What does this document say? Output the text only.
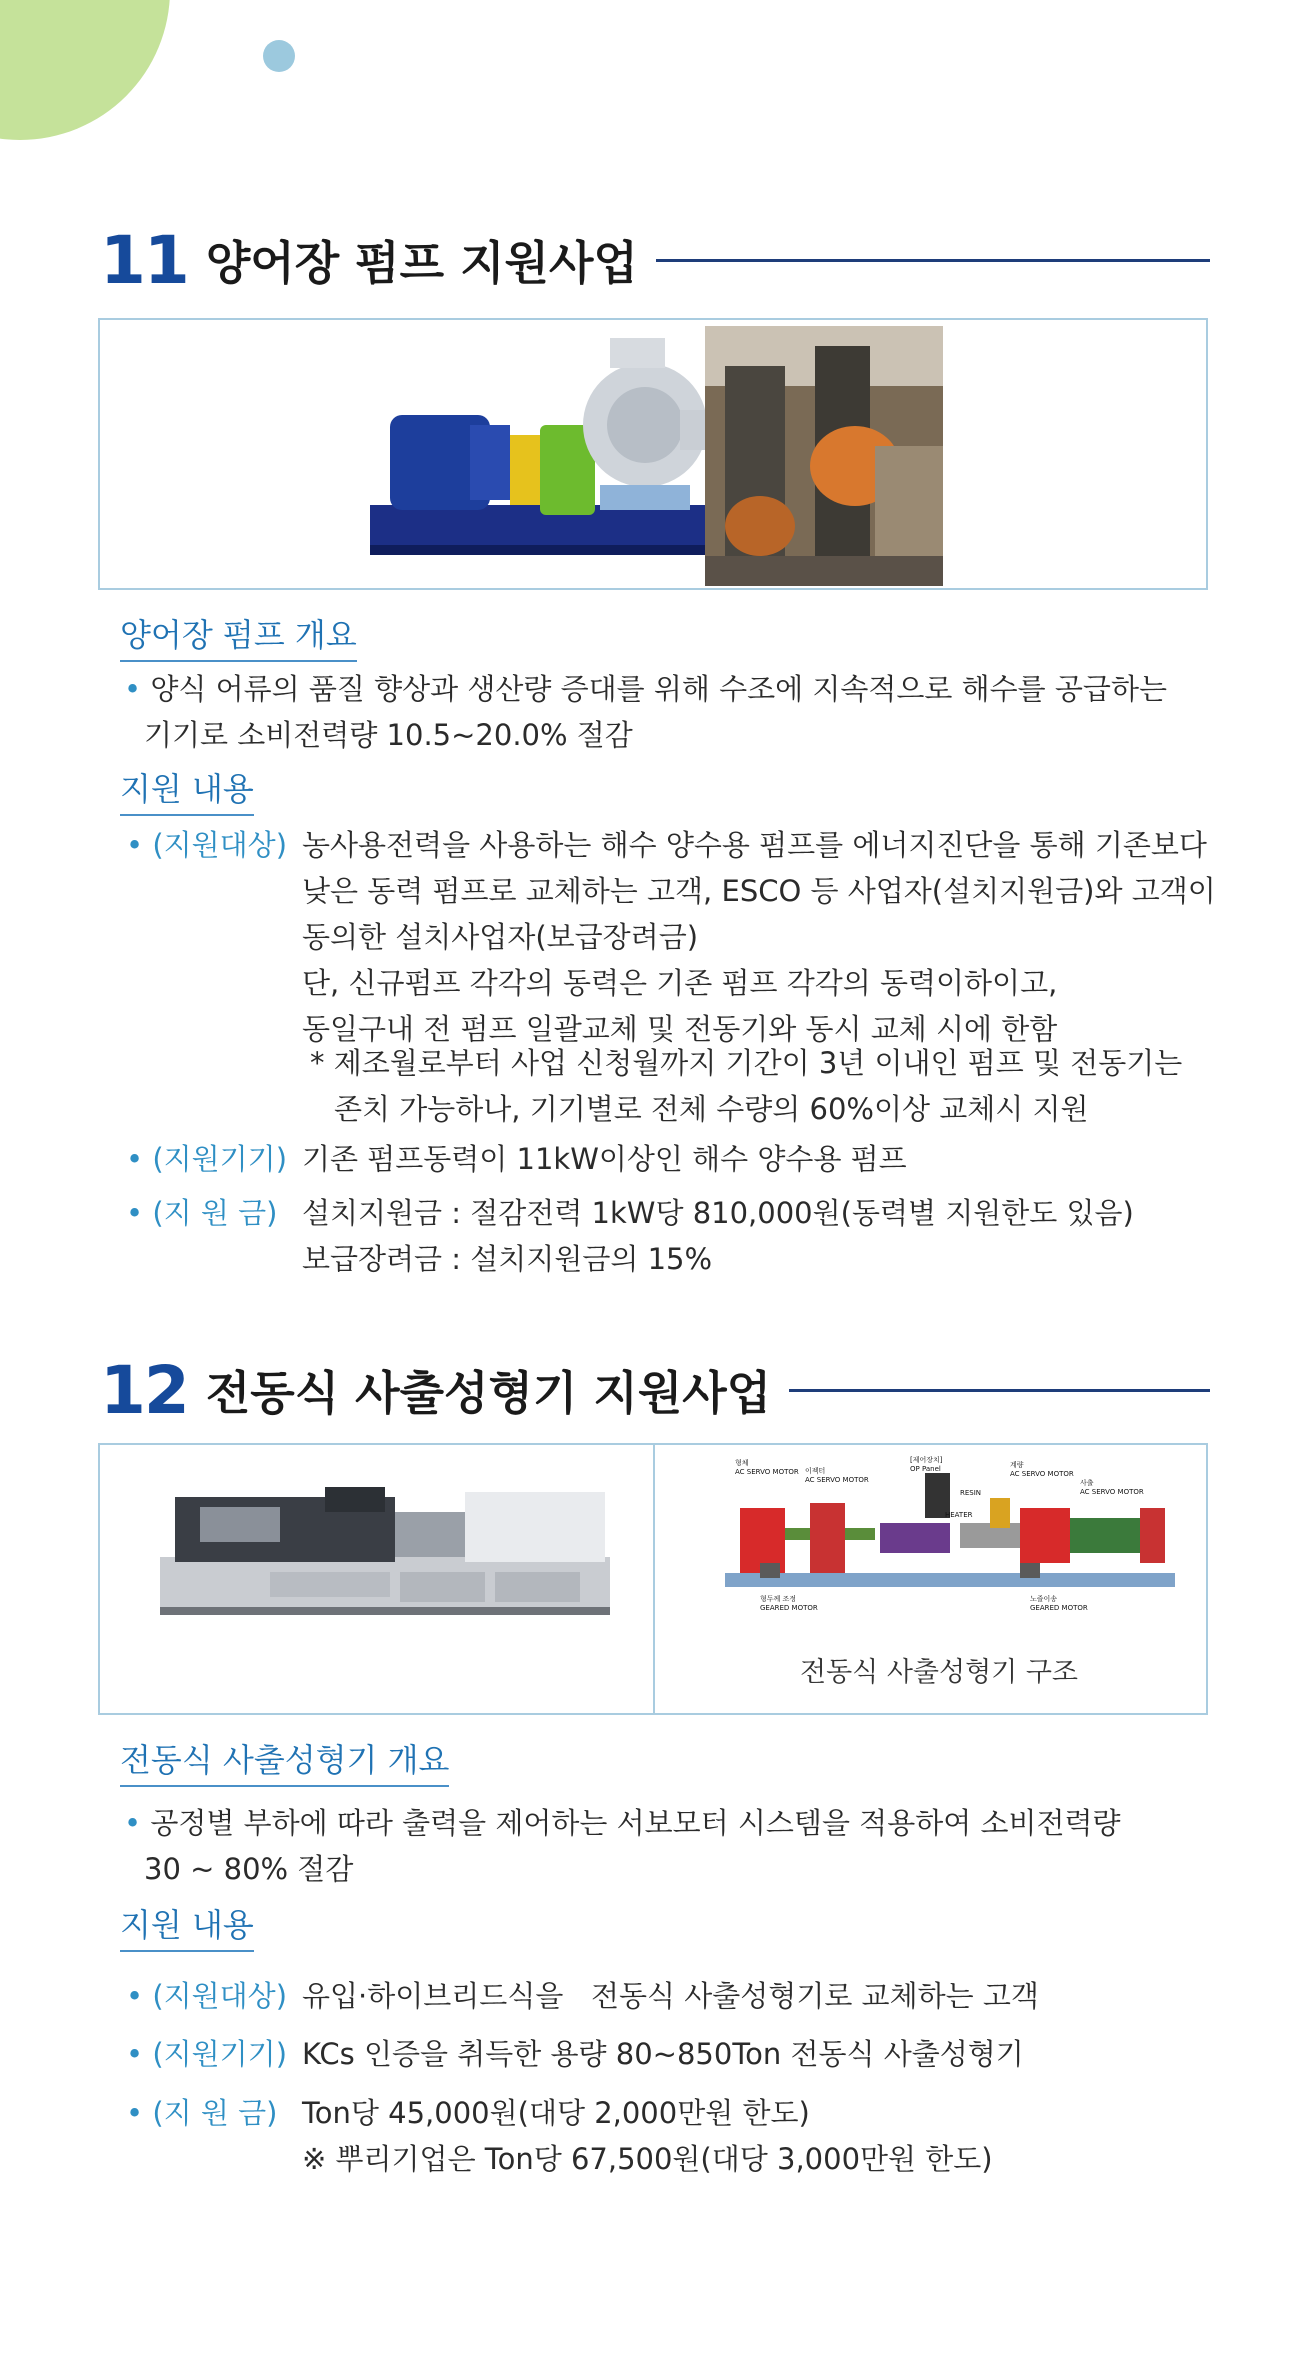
11 양어장 펌프 지원사업
양어장 펌프 개요
• 양식 어류의 품질 향상과 생산량 증대를 위해 수조에 지속적으로 해수를 공급하는
기기로 소비전력량 10.5~20.0% 절감
지원 내용
• (지원대상) 농사용전력을 사용하는 해수 양수용 펌프를 에너지진단을 통해 기존보다
낮은 동력 펌프로 교체하는 고객, ESCO 등 사업자(설치지원금)와 고객이
동의한 설치사업자(보급장려금)
단, 신규펌프 각각의 동력은 기존 펌프 각각의 동력이하이고,
동일구내 전 펌프 일괄교체 및 전동기와 동시 교체 시에 한함
* 제조월로부터 사업 신청월까지 기간이 3년 이내인 펌프 및 전동기는
존치 가능하나, 기기별로 전체 수량의 60%이상 교체시 지원
• (지원기기) 기존 펌프동력이 11kW이상인 해수 양수용 펌프
• (지 원 금) 설치지원금 : 절감전력 1kW당 810,000원(동력별 지원한도 있음)
보급장려금 : 설치지원금의 15%
12 전동식 사출성형기 지원사업
형체
AC SERVO MOTOR 이젝터
AC SERVO MOTOR
[제어장치]
OP Panel	계량
AC SERVO MOTOR
사출
AC SERVO MOTOR
RESIN
HEATER
형두께 조정
GEARED MOTOR
노즐이송
GEARED MOTOR
전동식 사출성형기 구조
전동식 사출성형기 개요
• 공정별 부하에 따라 출력을 제어하는 서보모터 시스템을 적용하여 소비전력량
30 ~ 80% 절감
지원 내용
• (지원대상) 유입·하이브리드식을   전동식 사출성형기로 교체하는 고객
• (지원기기) KCs 인증을 취득한 용량 80~850Ton 전동식 사출성형기
• (지 원 금) Ton당 45,000원(대당 2,000만원 한도)
※ 뿌리기업은 Ton당 67,500원(대당 3,000만원 한도)
